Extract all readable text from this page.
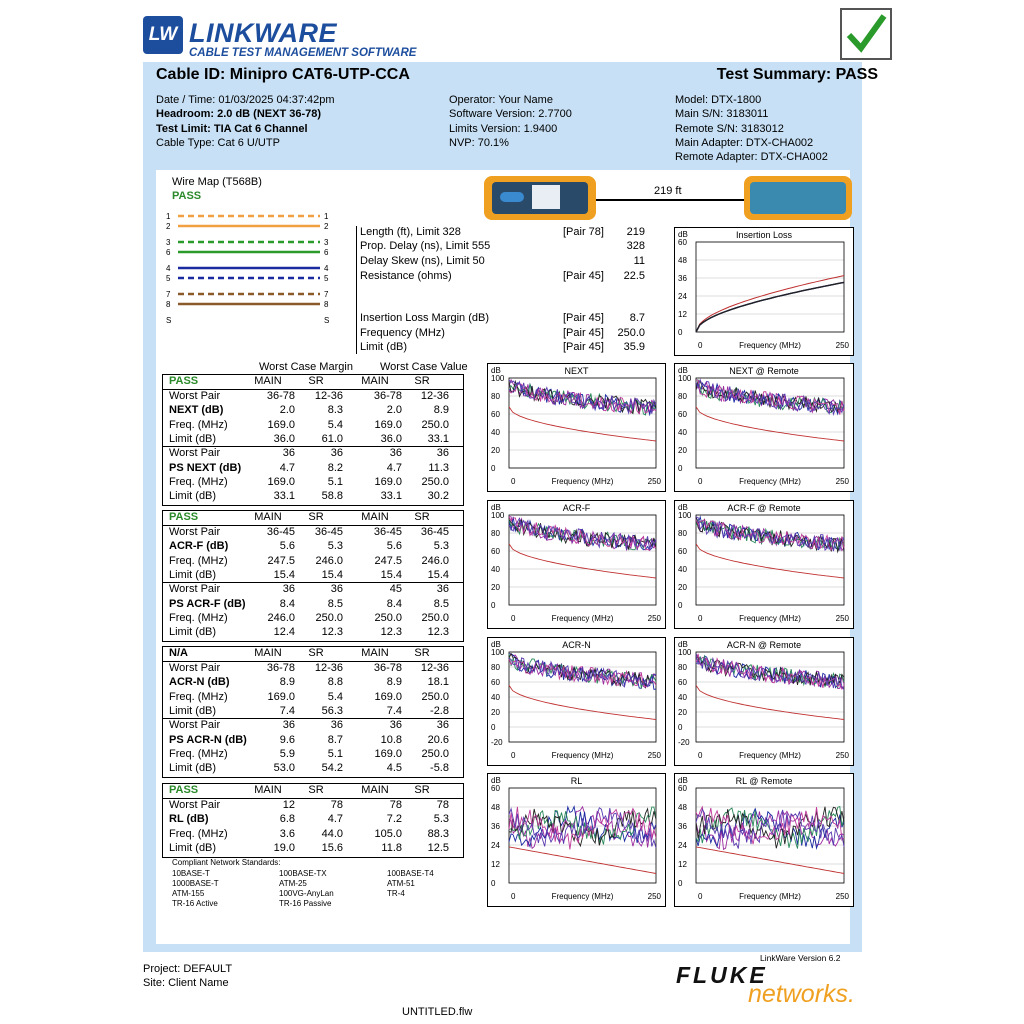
LW LINKWARE
CABLE TEST MANAGEMENT SOFTWARE
Cable ID: Minipro CAT6-UTP-CCA	Test Summary: PASS
Date / Time: 01/03/2025 04:37:42pm
Headroom: 2.0 dB (NEXT 36-78)
Test Limit: TIA Cat 6 Channel
Cable Type: Cat 6 U/UTP
Operator: Your Name
Software Version: 2.7700
Limits Version: 1.9400
NVP: 70.1%
Model: DTX-1800
Main S/N: 3183011
Remote S/N: 3183012
Main Adapter: DTX-CHA002
Remote Adapter: DTX-CHA002
Wire Map (T568B)
PASS
1	1
2	2
3	3
6	6
4	4
5	5
7	7
8	8
S	S
219 ft
Length (ft), Limit 328	[Pair 78] 219
Prop. Delay (ns), Limit 555	328
Delay Skew (ns), Limit 50	11
Resistance (ohms)	[Pair 45] 22.5
Insertion Loss Margin (dB)	[Pair 45] 8.7
Frequency (MHz)	[Pair 45] 250.0
Limit (dB)	[Pair 45] 35.9
Worst Case Margin Worst Case Value
PASS	MAIN	SR	MAIN	SR
Worst Pair	36-78	12-36	36-78	12-36
NEXT (dB)	2.0	8.3	2.0	8.9
Freq. (MHz)	169.0	5.4	169.0	250.0
Limit (dB)	36.0	61.0	36.0	33.1
Worst Pair	36	36	36	36
PS NEXT (dB)	4.7	8.2	4.7	11.3
Freq. (MHz)	169.0	5.1	169.0	250.0
Limit (dB)	33.1	58.8	33.1	30.2
PASS	MAIN	SR	MAIN	SR
Worst Pair	36-45	36-45	36-45	36-45
ACR-F (dB)	5.6	5.3	5.6	5.3
Freq. (MHz)	247.5	246.0	247.5	246.0
Limit (dB)	15.4	15.4	15.4	15.4
Worst Pair	36	36	45	36
PS ACR-F (dB)	8.4	8.5	8.4	8.5
Freq. (MHz)	246.0	250.0	250.0	250.0
Limit (dB)	12.4	12.3	12.3	12.3
N/A	MAIN	SR	MAIN	SR
Worst Pair	36-78	12-36	36-78	12-36
ACR-N (dB)	8.9	8.8	8.9	18.1
Freq. (MHz)	169.0	5.4	169.0	250.0
Limit (dB)	7.4	56.3	7.4	-2.8
Worst Pair	36	36	36	36
PS ACR-N (dB)	9.6	8.7	10.8	20.6
Freq. (MHz)	5.9	5.1	169.0	250.0
Limit (dB)	53.0	54.2	4.5	-5.8
PASS	MAIN	SR	MAIN	SR
Worst Pair	12	78	78	78
RL (dB)	6.8	4.7	7.2	5.3
Freq. (MHz)	3.6	44.0	105.0	88.3
Limit (dB)	19.0	15.6	11.8	12.5
Compliant Network Standards:
10BASE-T	100BASE-TX	100BASE-T4
1000BASE-T	ATM-25	ATM-51
ATM-155	100VG-AnyLan	TR-4
TR-16 Active	TR-16 Passive
Insertion Loss
dB
60
48
36
24
12
0
0	Frequency (MHz)	250
NEXT
dB
100
80
60
40
20
0
0	Frequency (MHz)	250
NEXT @ Remote
dB
100
80
60
40
20
0
0	Frequency (MHz)	250
ACR-F
dB
100
80
60
40
20
0
0	Frequency (MHz)	250
ACR-F @ Remote
dB
100
80
60
40
20
0
0	Frequency (MHz)	250
ACR-N
dB
100
80
60
40
20
0
-20
0	Frequency (MHz)	250
ACR-N @ Remote
dB
100
80
60
40
20
0
-20
0	Frequency (MHz)	250
RL
dB
60
48
36
24
12
0
0	Frequency (MHz)	250
RL @ Remote
dB
60
48
36
24
12
0
0	Frequency (MHz)	250
LinkWare Version 6.2
Project: DEFAULT
Site: Client Name
UNTITLED.flw
FLUKE
networks.
